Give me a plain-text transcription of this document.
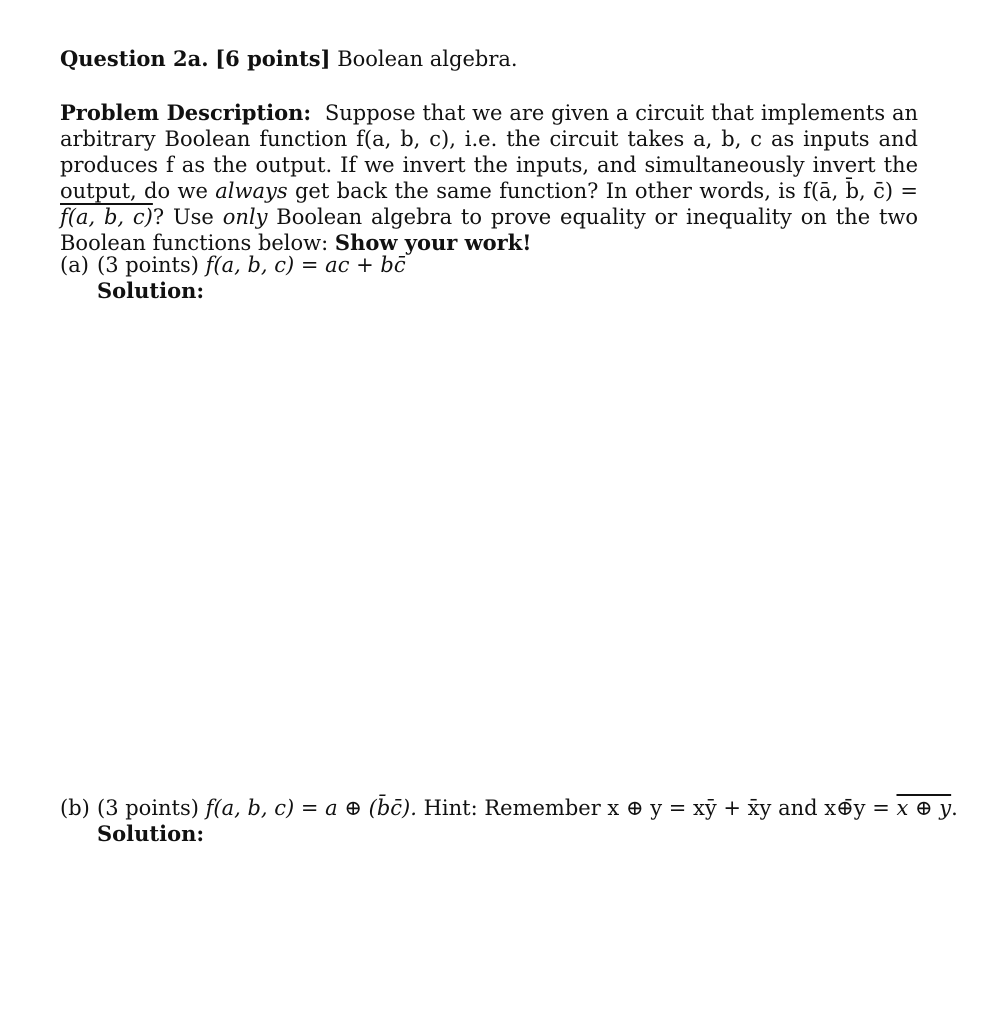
Question 2a. [6 points] Boolean algebra.
Problem Description: Suppose that we are given a circuit that implements an arbitrary Boolean function f(a, b, c), i.e. the circuit takes a, b, c as inputs and produces f as the output. If we invert the inputs, and simultaneously invert the output, do we always get back the same function? In other words, is f(ā, b̄, c̄) = f(a, b, c)? Use only Boolean algebra to prove equality or inequality on the two Boolean functions below: Show your work!
(a) (3 points) f(a, b, c) = ac + bc̄
Solution:
(b) (3 points) f(a, b, c) = a ⊕ (b̄c̄). Hint: Remember x ⊕ y = xȳ + x̄y and x⊕̄y = x ⊕ y.
Solution:
